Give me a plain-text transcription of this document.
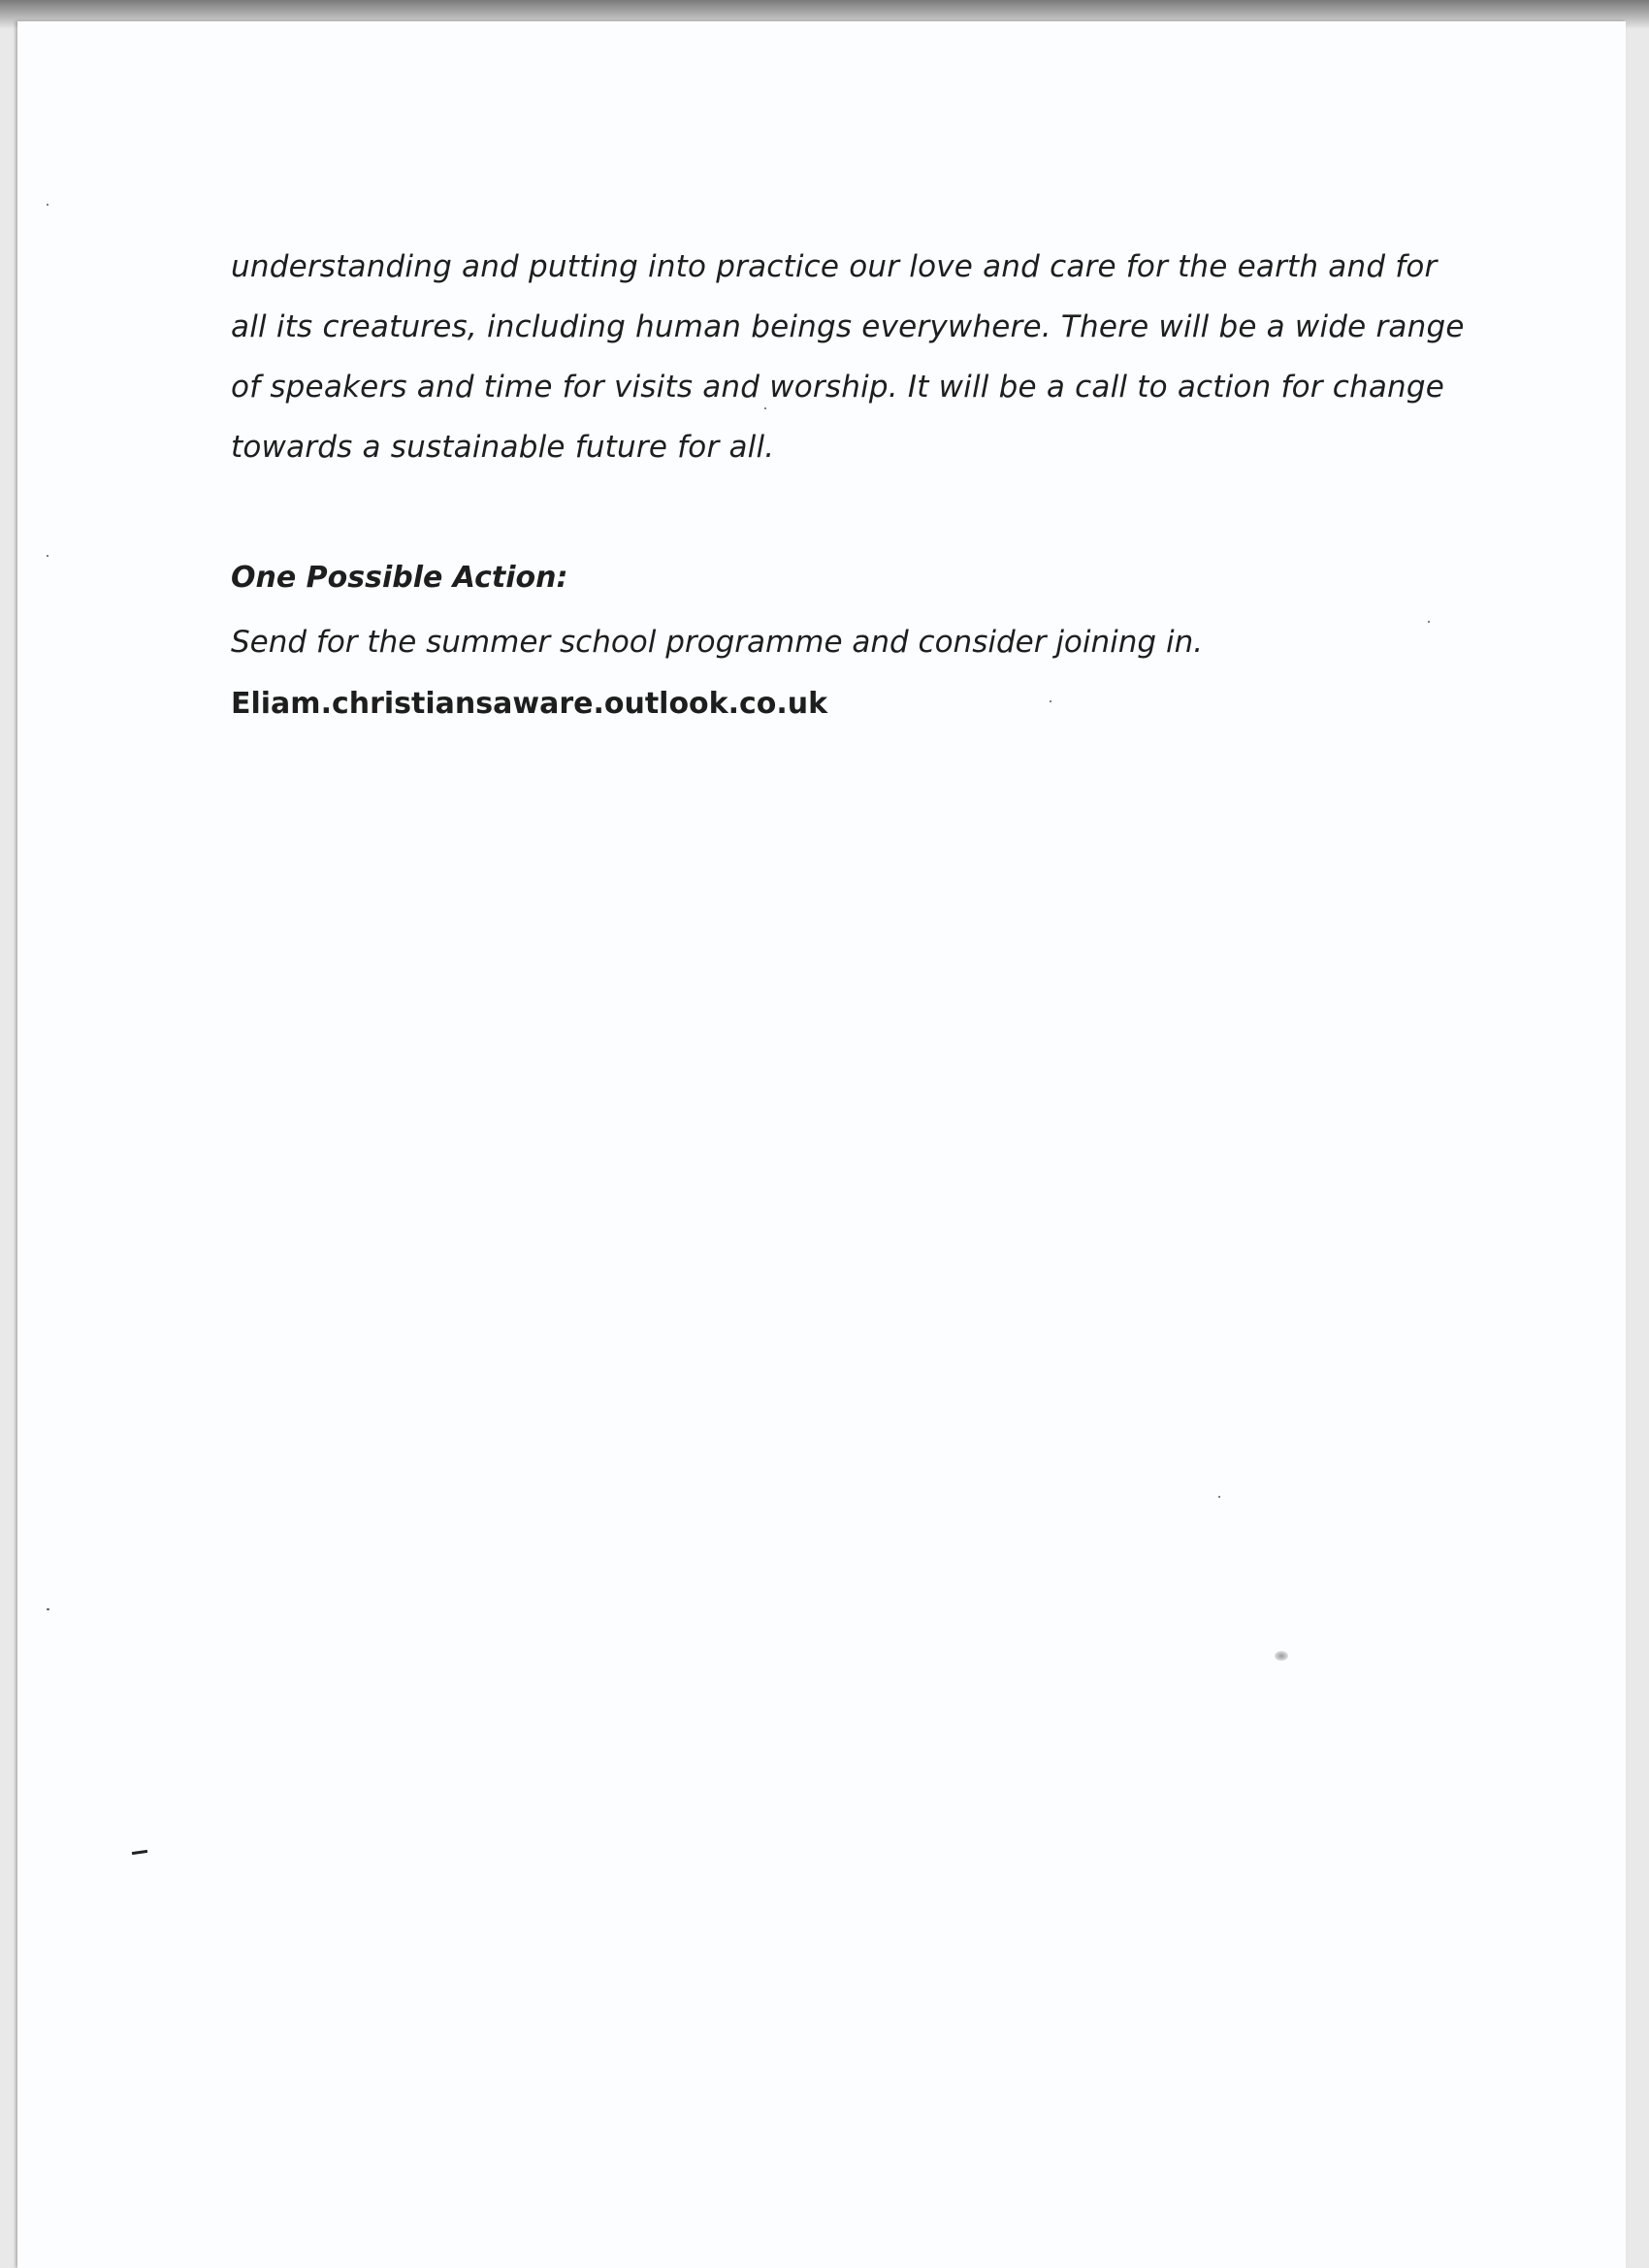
understanding and putting into practice our love and care for the earth and for
all its creatures, including human beings everywhere. There will be a wide range
of speakers and time for visits and worship. It will be a call to action for change
towards a sustainable future for all.

One Possible Action:

Send for the summer school programme and consider joining in.

Eliam.christiansaware.outlook.co.uk
